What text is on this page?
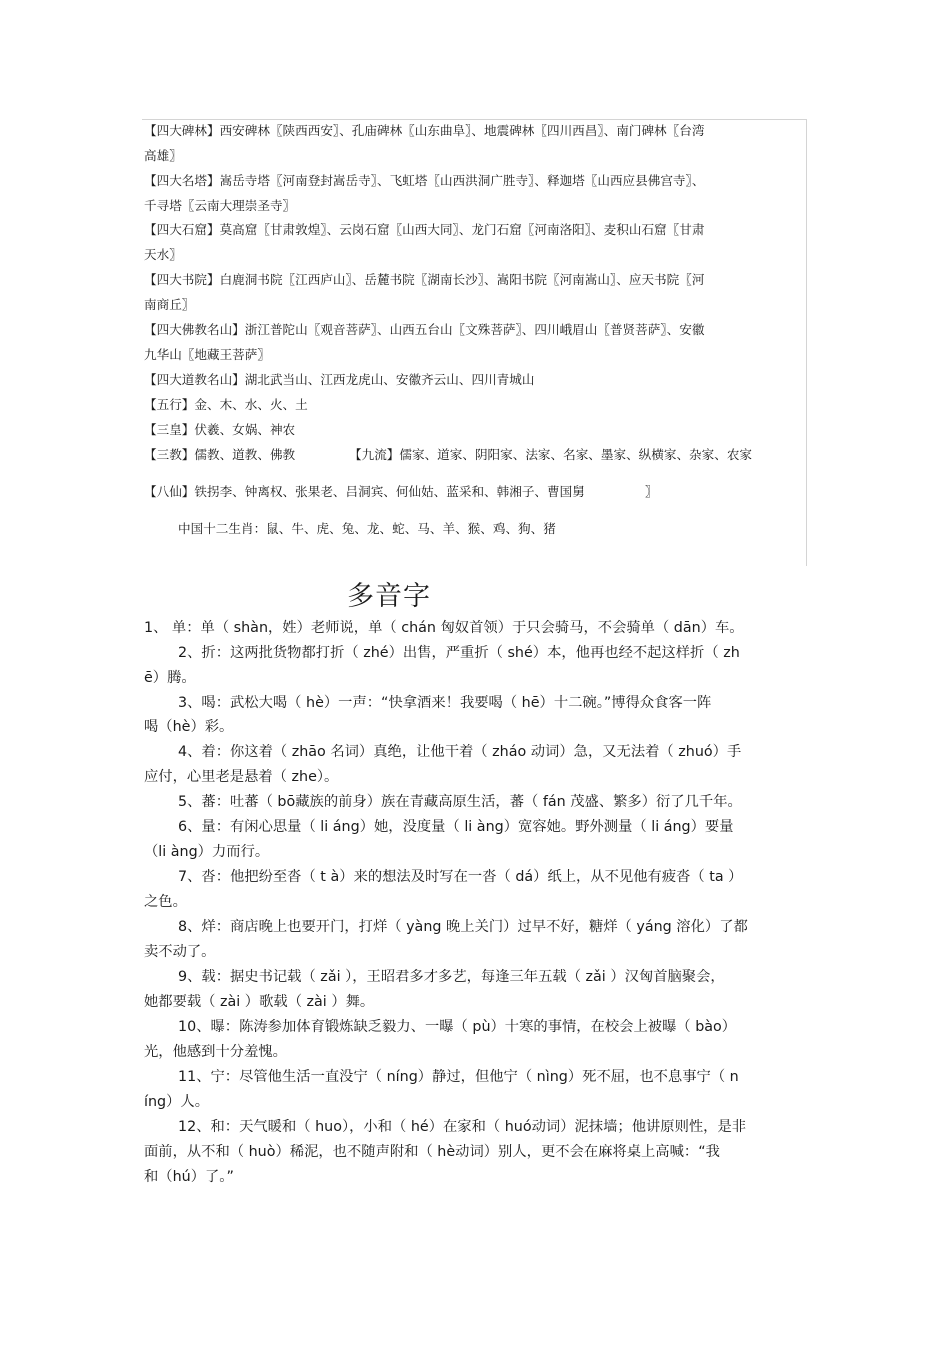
【四大碑林】西安碑林〖陕西西安〗、孔庙碑林〖山东曲阜〗、地震碑林〖四川西昌〗、南门碑林〖台湾
高雄〗
【四大名塔】嵩岳寺塔〖河南登封嵩岳寺〗、飞虹塔〖山西洪洞广胜寺〗、释迦塔〖山西应县佛宫寺〗、
千寻塔〖云南大理崇圣寺〗
【四大石窟】莫高窟〖甘肃敦煌〗、云岗石窟〖山西大同〗、龙门石窟〖河南洛阳〗、麦积山石窟〖甘肃
天水〗
【四大书院】白鹿洞书院〖江西庐山〗、岳麓书院〖湖南长沙〗、嵩阳书院〖河南嵩山〗、应天书院〖河
南商丘〗
【四大佛教名山】浙江普陀山〖观音菩萨〗、山西五台山〖文殊菩萨〗、四川峨眉山〖普贤菩萨〗、安徽
九华山〖地藏王菩萨〗
【四大道教名山】湖北武当山、江西龙虎山、安徽齐云山、四川青城山
【五行】金、木、水、火、土
【三皇】伏羲、女娲、神农
【三教】儒教、道教、佛教	【九流】儒家、道家、阴阳家、法家、名家、墨家、纵横家、杂家、农家
【八仙】铁拐李、钟离权、张果老、吕洞宾、何仙姑、蓝采和、韩湘子、曹国舅	〗
中国十二生肖：鼠、牛、虎、兔、龙、蛇、马、羊、猴、鸡、狗、猪
多音字
1、 单：单（ shàn，姓）老师说，单（ chán 匈奴首领）于只会骑马，不会骑单（ dān）车。
2、折：这两批货物都打折（ zhé）出售，严重折（ shé）本，他再也经不起这样折（ zh
ē）腾。
3、喝：武松大喝（ hè）一声：“快拿酒来！我要喝（ hē）十二碗。”博得众食客一阵
喝（hè）彩。
4、着：你这着（ zhāo 名词）真绝，让他干着（ zháo 动词）急，又无法着（ zhuó）手
应付，心里老是悬着（ zhe）。
5、蕃：吐蕃（ bō藏族的前身）族在青藏高原生活，蕃（ fán 茂盛、繁多）衍了几千年。
6、量：有闲心思量（ li áng）她，没度量（ li àng）宽容她。野外测量（ li áng）要量
（li àng）力而行。
7、沓：他把纷至沓（ t à）来的想法及时写在一沓（ dá）纸上，从不见他有疲沓（ ta ）
之色。
8、烊：商店晚上也要开门，打烊（ yàng 晚上关门）过早不好，糖烊（ yáng 溶化）了都
卖不动了。
9、载：据史书记载（ zǎi ），王昭君多才多艺，每逢三年五载（ zǎi ）汉匈首脑聚会，
她都要载（ zài ）歌载（ zài ）舞。
10、曝：陈涛参加体育锻炼缺乏毅力、一曝（ pù）十寒的事情，在校会上被曝（ bào）
光，他感到十分羞愧。
11、宁：尽管他生活一直没宁（ níng）静过，但他宁（ nìng）死不屈，也不息事宁（ n
íng）人。
12、和：天气暖和（ huo），小和（ hé）在家和（ huó动词）泥抹墙；他讲原则性，是非
面前，从不和（ huò）稀泥，也不随声附和（ hè动词）别人，更不会在麻将桌上高喊：“我
和（hú）了。”
